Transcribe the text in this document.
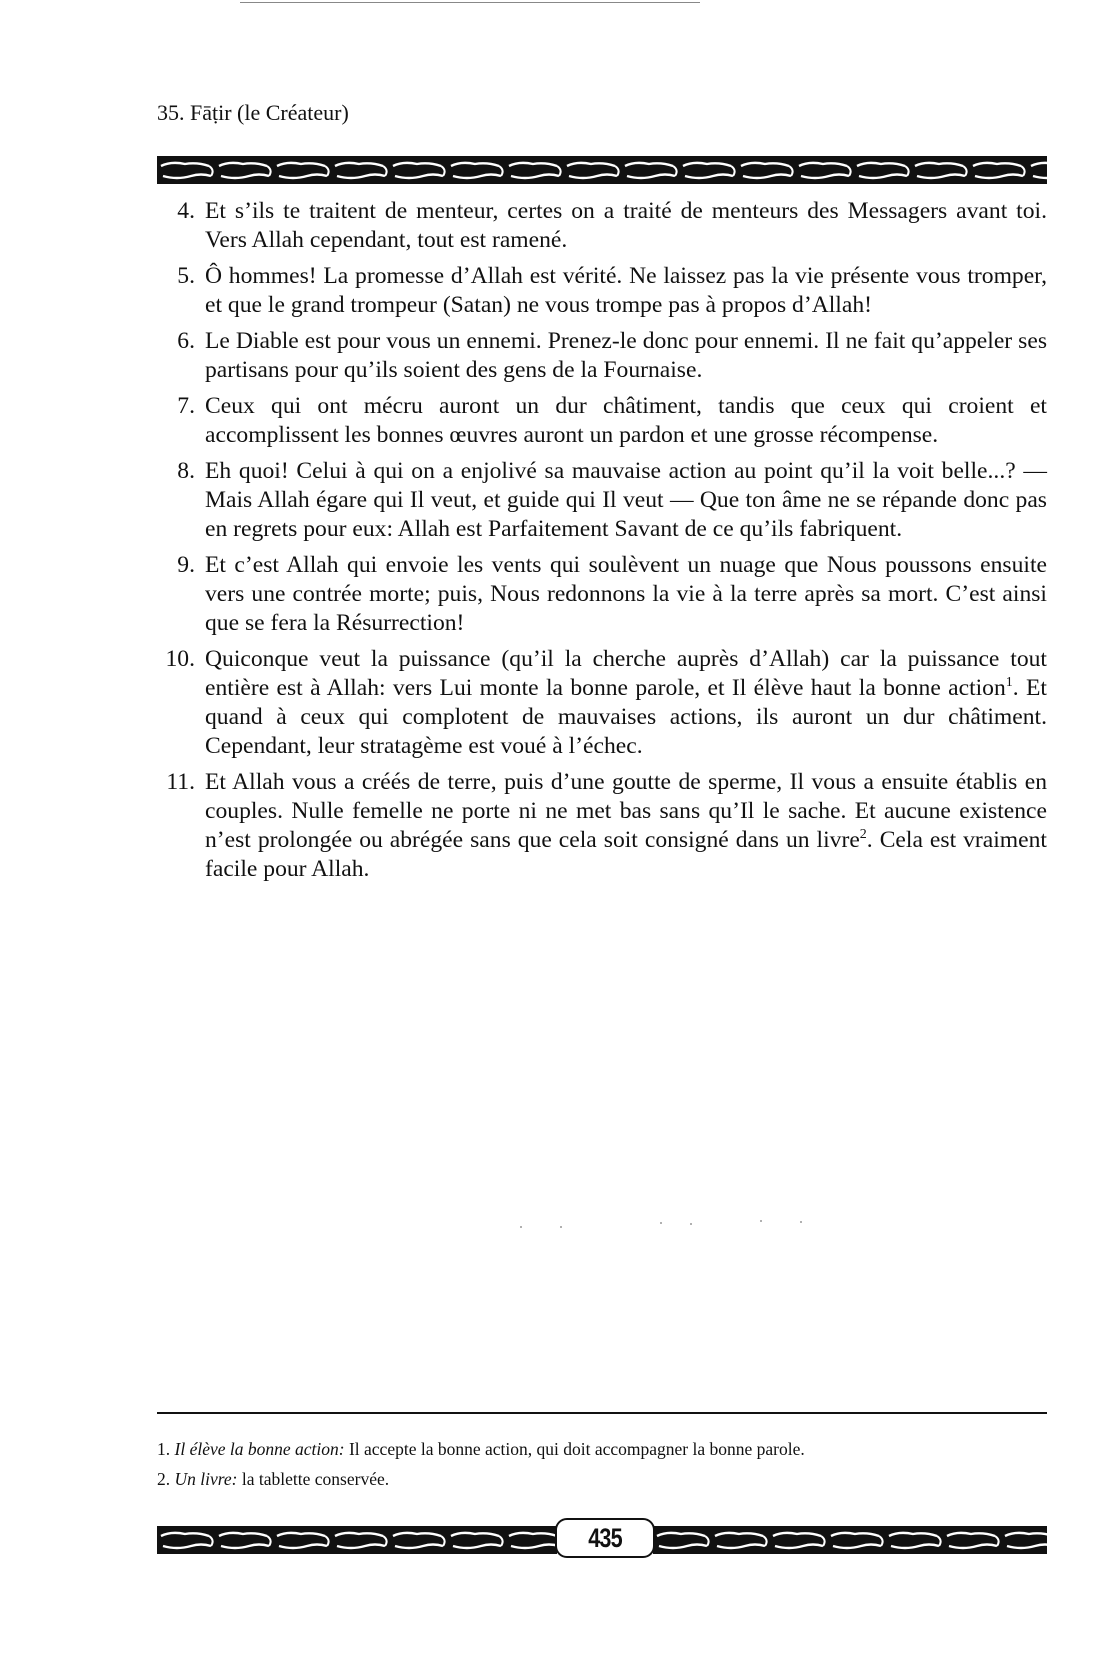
35. Fāṭir (le Créateur)
4. Et s’ils te traitent de menteur, certes on a traité de menteurs des Messagers avant toi. Vers Allah cependant, tout est ramené.
5. Ô hommes! La promesse d’Allah est vérité. Ne laissez pas la vie présente vous tromper, et que le grand trompeur (Satan) ne vous trompe pas à propos d’Allah!
6. Le Diable est pour vous un ennemi. Prenez-le donc pour ennemi. Il ne fait qu’appeler ses partisans pour qu’ils soient des gens de la Fournaise.
7. Ceux qui ont mécru auront un dur châtiment, tandis que ceux qui croient et accomplissent les bonnes œuvres auront un pardon et une grosse récompense.
8. Eh quoi! Celui à qui on a enjolivé sa mauvaise action au point qu’il la voit belle...? — Mais Allah égare qui Il veut, et guide qui Il veut — Que ton âme ne se répande donc pas en regrets pour eux: Allah est Parfaitement Savant de ce qu’ils fabriquent.
9. Et c’est Allah qui envoie les vents qui soulèvent un nuage que Nous poussons ensuite vers une contrée morte; puis, Nous redonnons la vie à la terre après sa mort. C’est ainsi que se fera la Résurrection!
10. Quiconque veut la puissance (qu’il la cherche auprès d’Allah) car la puissance tout entière est à Allah: vers Lui monte la bonne parole, et Il élève haut la bonne action$^1$. Et quand à ceux qui complotent de mauvaises actions, ils auront un dur châtiment. Cependant, leur stratagème est voué à l’échec.
11. Et Allah vous a créés de terre, puis d’une goutte de sperme, Il vous a ensuite établis en couples. Nulle femelle ne porte ni ne met bas sans qu’Il le sache. Et aucune existence n’est prolongée ou abrégée sans que cela soit consigné dans un livre$^2$. Cela est vraiment facile pour Allah.
1. Il élève la bonne action: Il accepte la bonne action, qui doit accompagner la bonne parole.
2. Un livre: la tablette conservée.
435
